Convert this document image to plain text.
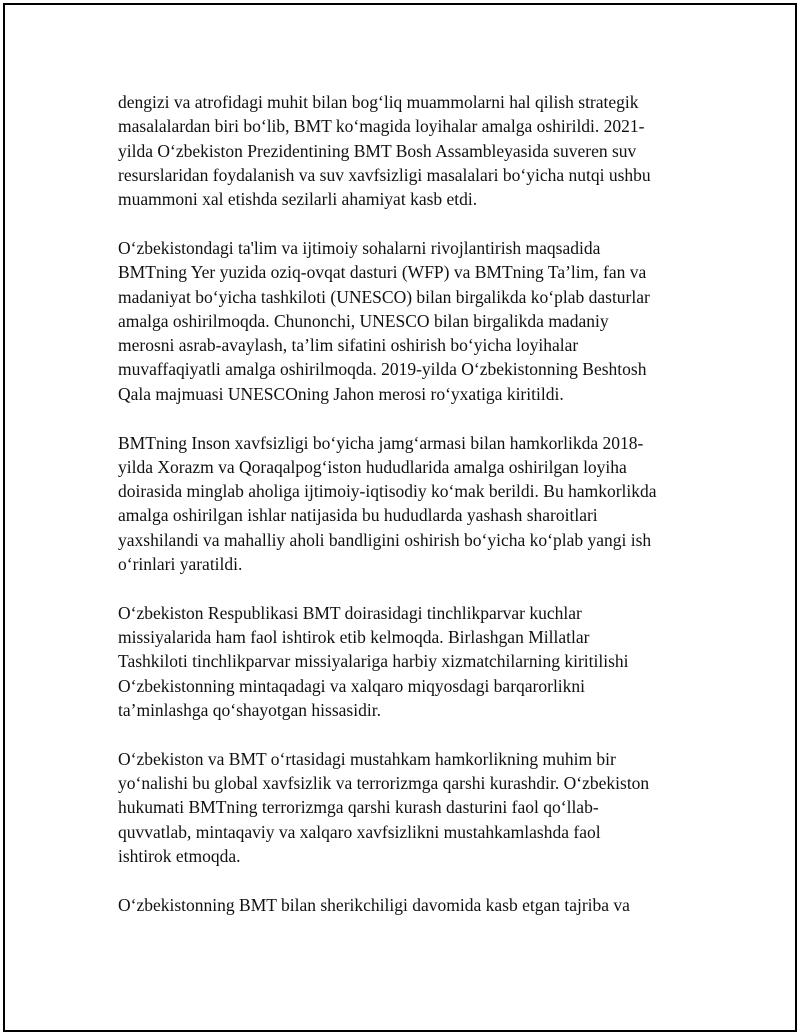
dengizi va atrofidagi muhit bilan bog‘liq muammolarni hal qilish strategik
masalalardan biri bo‘lib, BMT ko‘magida loyihalar amalga oshirildi. 2021-
yilda O‘zbekiston Prezidentining BMT Bosh Assambleyasida suveren suv
resurslaridan foydalanish va suv xavfsizligi masalalari bo‘yicha nutqi ushbu
muammoni xal etishda sezilarli ahamiyat kasb etdi.

O‘zbekistondagi ta'lim va ijtimoiy sohalarni rivojlantirish maqsadida
BMTning Yer yuzida oziq-ovqat dasturi (WFP) va BMTning Ta’lim, fan va
madaniyat bo‘yicha tashkiloti (UNESCO) bilan birgalikda ko‘plab dasturlar
amalga oshirilmoqda. Chunonchi, UNESCO bilan birgalikda madaniy
merosni asrab-avaylash, ta’lim sifatini oshirish bo‘yicha loyihalar
muvaffaqiyatli amalga oshirilmoqda. 2019-yilda O‘zbekistonning Beshtosh
Qala majmuasi UNESCOning Jahon merosi ro‘yxatiga kiritildi.

BMTning Inson xavfsizligi bo‘yicha jamg‘armasi bilan hamkorlikda 2018-
yilda Xorazm va Qoraqalpog‘iston hududlarida amalga oshirilgan loyiha
doirasida minglab aholiga ijtimoiy-iqtisodiy ko‘mak berildi. Bu hamkorlikda
amalga oshirilgan ishlar natijasida bu hududlarda yashash sharoitlari
yaxshilandi va mahalliy aholi bandligini oshirish bo‘yicha ko‘plab yangi ish
o‘rinlari yaratildi.

O‘zbekiston Respublikasi BMT doirasidagi tinchlikparvar kuchlar
missiyalarida ham faol ishtirok etib kelmoqda. Birlashgan Millatlar
Tashkiloti tinchlikparvar missiyalariga harbiy xizmatchilarning kiritilishi
O‘zbekistonning mintaqadagi va xalqaro miqyosdagi barqarorlikni
ta’minlashga qo‘shayotgan hissasidir.

O‘zbekiston va BMT o‘rtasidagi mustahkam hamkorlikning muhim bir
yo‘nalishi bu global xavfsizlik va terrorizmga qarshi kurashdir. O‘zbekiston
hukumati BMTning terrorizmga qarshi kurash dasturini faol qo‘llab-
quvvatlab, mintaqaviy va xalqaro xavfsizlikni mustahkamlashda faol
ishtirok etmoqda.

O‘zbekistonning BMT bilan sherikchiligi davomida kasb etgan tajriba va
